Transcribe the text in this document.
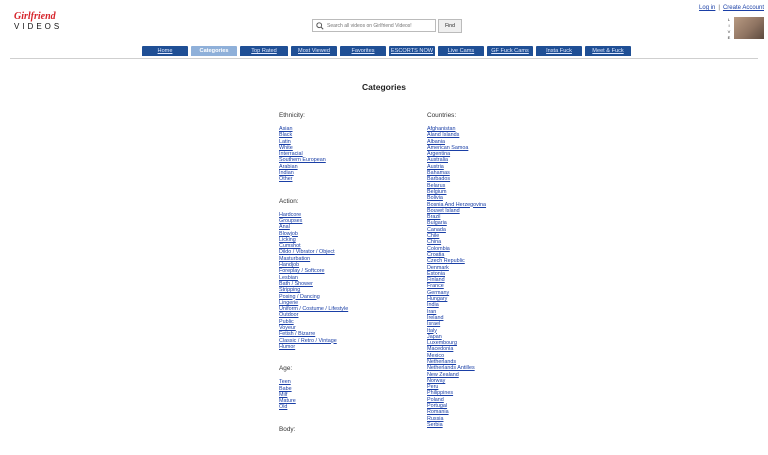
Girlfriend
VIDEOS
Search all videos on Girlfriend Videos!	Find
Log in | Create Account
L
I
V
E
Home	Categories	Top Rated	Most Viewed	Favorites	ESCORTS NOW	Live Cams	GF Fuck Cams	Insta Fuck	Meet & Fuck
Categories
Ethnicity:
Asian
Black
Latin
White
Interracial
Southern European
Arabian
Indian
Other
Action:
Hardcore
Groupsex
Anal
Blowjob
Licking
Cumshot
Dildo / Vibrator / Object
Masturbation
Handjob
Foreplay / Softcore
Lesbian
Bath / Shower
Stripping
Posing / Dancing
Lingerie
Uniform / Costume / Lifestyle
Outdoor
Public
Voyeur
Fetish / Bizarre
Classic / Retro / Vintage
Humor
Age:
Teen
Babe
Milf
Mature
Old
Body:
Countries:
Afghanistan
Aland Islands
Albania
American Samoa
Argentina
Australia
Austria
Bahamas
Barbados
Belarus
Belgium
Bolivia
Bosnia And Herzegovina
Bouvet Island
Brazil
Bulgaria
Canada
Chile
China
Colombia
Croatia
Czech Republic
Denmark
Estonia
Finland
France
Germany
Hungary
India
Iran
Ireland
Israel
Italy
Japan
Luxembourg
Macedonia
Mexico
Netherlands
Netherlands Antilles
New Zealand
Norway
Peru
Philippines
Poland
Portugal
Romania
Russia
Serbia
